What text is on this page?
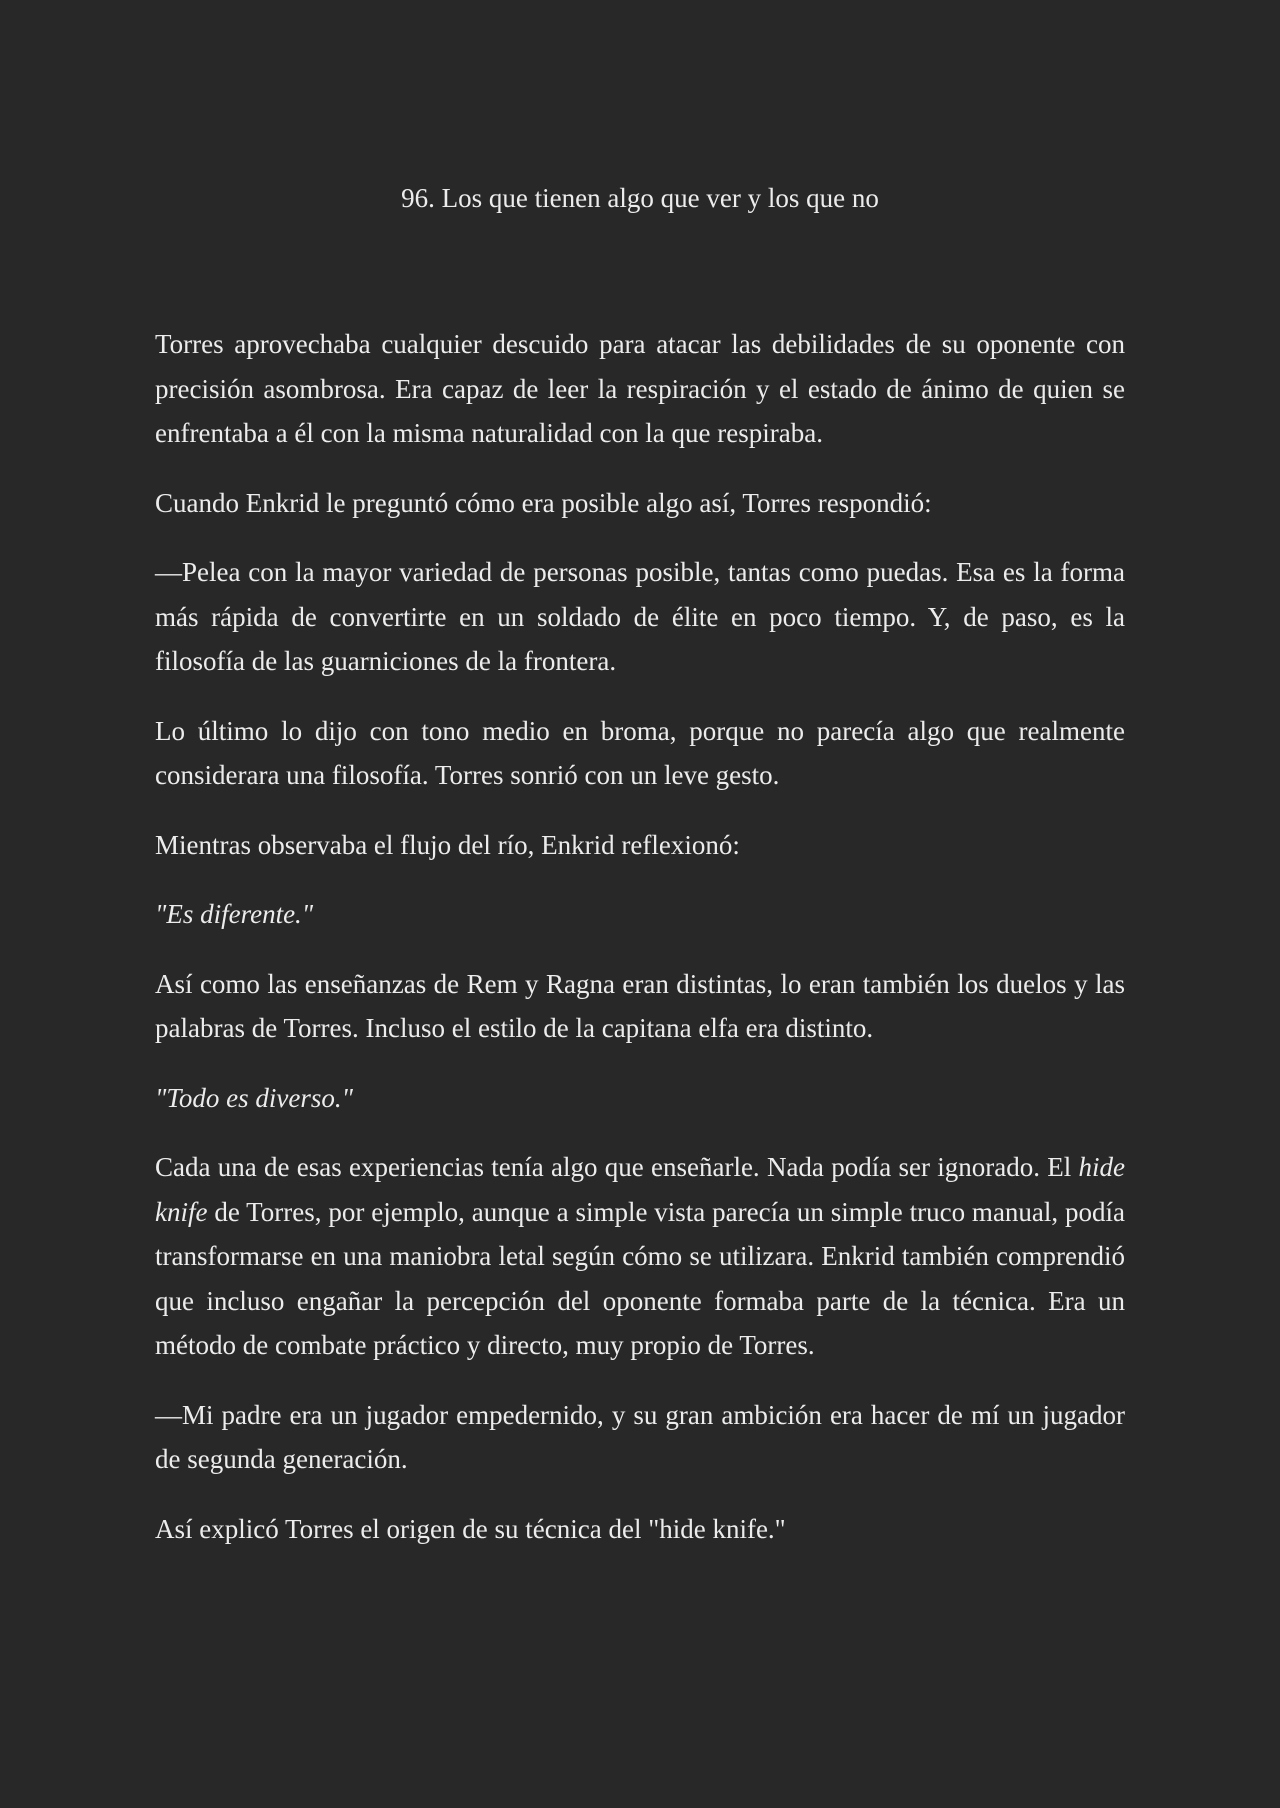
96. Los que tienen algo que ver y los que no

Torres aprovechaba cualquier descuido para atacar las debilidades de su oponente con precisión asombrosa. Era capaz de leer la respiración y el estado de ánimo de quien se enfrentaba a él con la misma naturalidad con la que respiraba.

Cuando Enkrid le preguntó cómo era posible algo así, Torres respondió:

—Pelea con la mayor variedad de personas posible, tantas como puedas. Esa es la forma más rápida de convertirte en un soldado de élite en poco tiempo. Y, de paso, es la filosofía de las guarniciones de la frontera.

Lo último lo dijo con tono medio en broma, porque no parecía algo que realmente considerara una filosofía. Torres sonrió con un leve gesto.

Mientras observaba el flujo del río, Enkrid reflexionó:

"Es diferente."

Así como las enseñanzas de Rem y Ragna eran distintas, lo eran también los duelos y las palabras de Torres. Incluso el estilo de la capitana elfa era distinto.

"Todo es diverso."

Cada una de esas experiencias tenía algo que enseñarle. Nada podía ser ignorado. El hide knife de Torres, por ejemplo, aunque a simple vista parecía un simple truco manual, podía transformarse en una maniobra letal según cómo se utilizara. Enkrid también comprendió que incluso engañar la percepción del oponente formaba parte de la técnica. Era un método de combate práctico y directo, muy propio de Torres.

—Mi padre era un jugador empedernido, y su gran ambición era hacer de mí un jugador de segunda generación.

Así explicó Torres el origen de su técnica del "hide knife."
